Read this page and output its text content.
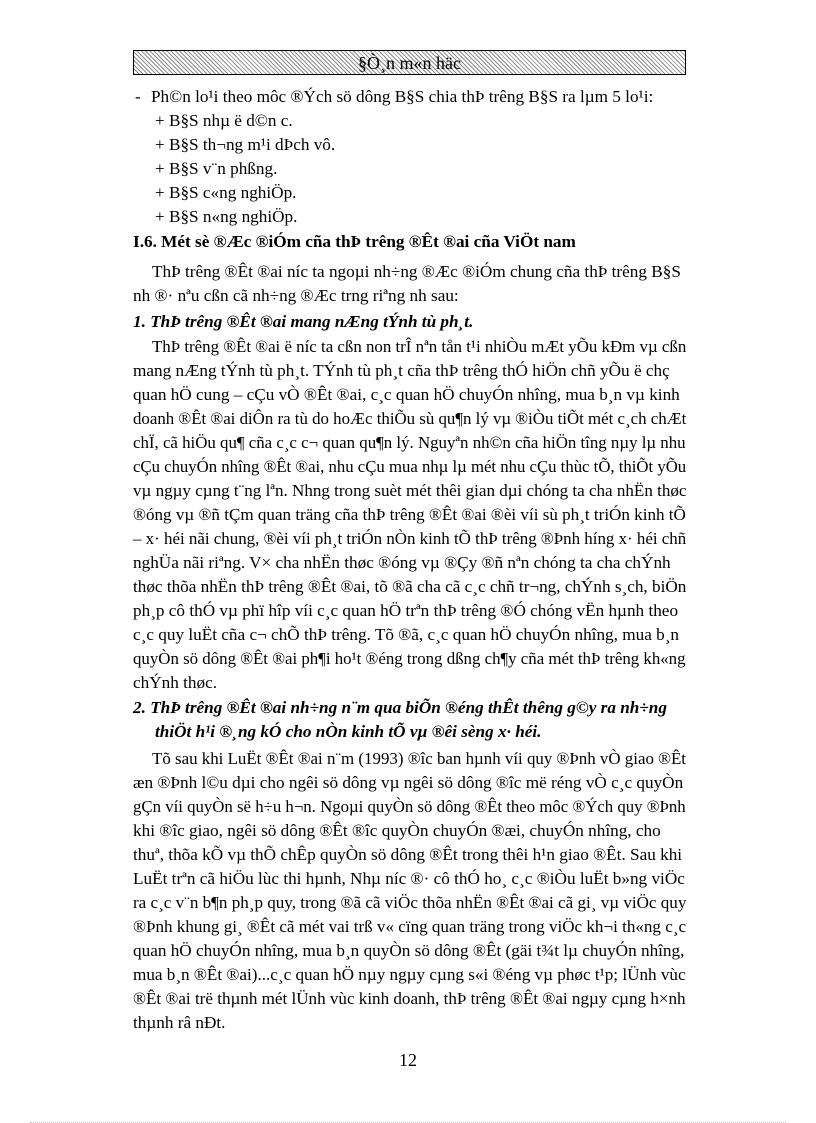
§Ò¸n m«n häc
- Ph©n lo¹i theo môc ®Ých sö dông B§S chia thÞ trêng B§S ra lµm 5 lo¹i:
+ B§S nhµ ë d©n c.
+ B§S th¬ng m¹i dÞch vô.
+ B§S v¨n phßng.
+ B§S c«ng nghiÖp.
+ B§S n«ng nghiÖp.
I.6. Mét sè ®Æc ®iÓm cña thÞ trêng ®Êt ®ai cña ViÖt nam
ThÞ trêng ®Êt ®ai níc ta ngoµi nh÷ng ®Æc ®iÓm chung cña thÞ trêng B§S
nh ®· nªu cßn cã nh÷ng ®Æc trng riªng nh sau:
1. ThÞ trêng ®Êt ®ai mang nÆng tÝnh tù ph¸t.
ThÞ trêng ®Êt ®ai ë níc ta cßn non trÎ nªn tån t¹i nhiÒu mÆt yÕu kÐm vµ cßn
mang nÆng tÝnh tù ph¸t. TÝnh tù ph¸t cña thÞ trêng thÓ hiÖn chñ yÕu ë chç
quan hÖ cung – cÇu vÒ ®Êt ®ai, c¸c quan hÖ chuyÓn nhîng, mua b¸n vµ kinh
doanh ®Êt ®ai diÔn ra tù do hoÆc thiÕu sù qu¶n lý vµ ®iÒu tiÕt mét c¸ch chÆt
chÏ, cã hiÖu qu¶ cña c¸c c¬ quan qu¶n lý. Nguyªn nh©n cña hiÖn tîng nµy lµ nhu
cÇu chuyÓn nhîng ®Êt ®ai, nhu cÇu mua nhµ lµ mét nhu cÇu thùc tÕ, thiÕt yÕu
vµ ngµy cµng t¨ng lªn. Nhng trong suèt mét thêi gian dµi chóng ta cha nhËn thøc
®óng vµ ®ñ tÇm quan träng cña thÞ trêng ®Êt ®ai ®èi víi sù ph¸t triÓn kinh tÕ
– x· héi nãi chung, ®èi víi ph¸t triÓn nÒn kinh tÕ thÞ trêng ®Þnh híng x· héi chñ
nghÜa nãi riªng. V× cha nhËn thøc ®óng vµ ®Çy ®ñ nªn chóng ta cha chÝnh
thøc thõa nhËn thÞ trêng ®Êt ®ai, tõ ®ã cha cã c¸c chñ tr¬ng, chÝnh s¸ch, biÖn
ph¸p cô thÓ vµ phï hîp víi c¸c quan hÖ trªn thÞ trêng ®Ó chóng vËn hµnh theo
c¸c quy luËt cña c¬ chÕ thÞ trêng. Tõ ®ã, c¸c quan hÖ chuyÓn nhîng, mua b¸n
quyÒn sö dông ®Êt ®ai ph¶i ho¹t ®éng trong dßng ch¶y cña mét thÞ trêng kh«ng
chÝnh thøc.
2. ThÞ trêng ®Êt ®ai nh÷ng n¨m qua biÕn ®éng thÊt thêng g©y ra nh÷ng
thiÖt h¹i ®¸ng kÓ cho nÒn kinh tÕ vµ ®êi sèng x· héi.
Tõ sau khi LuËt ®Êt ®ai n¨m (1993) ®îc ban hµnh víi quy ®Þnh vÒ giao ®Êt
æn ®Þnh l©u dµi cho ngêi sö dông vµ ngêi sö dông ®îc më réng vÒ c¸c quyÒn
gÇn víi quyÒn së h÷u h¬n. Ngoµi quyÒn sö dông ®Êt theo môc ®Ých quy ®Þnh
khi ®îc giao, ngêi sö dông ®Êt ®îc quyÒn chuyÓn ®æi, chuyÓn nhîng, cho
thuª, thõa kÕ vµ thÕ chÊp quyÒn sö dông ®Êt trong thêi h¹n giao ®Êt. Sau khi
LuËt trªn cã hiÖu lùc thi hµnh, Nhµ níc ®· cô thÓ ho¸ c¸c ®iÒu luËt b»ng viÖc
ra c¸c v¨n b¶n ph¸p quy, trong ®ã cã viÖc thõa nhËn ®Êt ®ai cã gi¸ vµ viÖc quy
®Þnh khung gi¸ ®Êt cã mét vai trß v« cïng quan träng trong viÖc kh¬i th«ng c¸c
quan hÖ chuyÓn nhîng, mua b¸n quyÒn sö dông ®Êt (gäi t¾t lµ chuyÓn nhîng,
mua b¸n ®Êt ®ai)...c¸c quan hÖ nµy ngµy cµng s«i ®éng vµ phøc t¹p; lÜnh vùc
®Êt ®ai trë thµnh mét lÜnh vùc kinh doanh, thÞ trêng ®Êt ®ai ngµy cµng h×nh
thµnh râ nÐt.
12
